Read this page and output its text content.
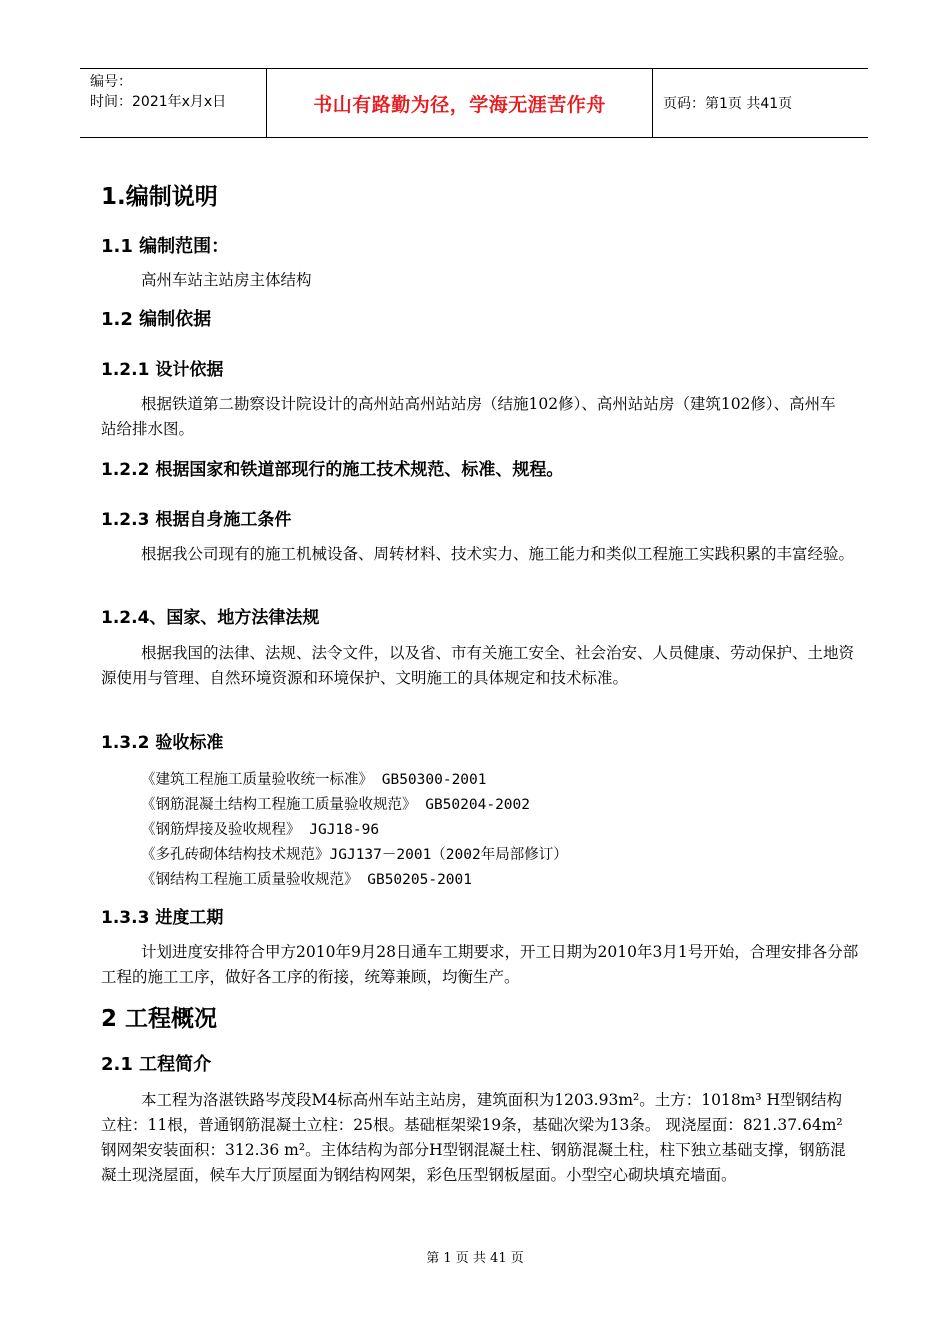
编号：
时间：2021年x月x日	书山有路勤为径，学海无涯苦作舟	页码：第1页 共41页
1.编制说明
1.1 编制范围：
高州车站主站房主体结构
1.2 编制依据
1.2.1 设计依据
根据铁道第二勘察设计院设计的高州站高州站站房（结施102修）、高州站站房（建筑102修）、高州车站给排水图。
1.2.2 根据国家和铁道部现行的施工技术规范、标准、规程。
1.2.3 根据自身施工条件
根据我公司现有的施工机械设备、周转材料、技术实力、施工能力和类似工程施工实践积累的丰富经验。
1.2.4、国家、地方法律法规
根据我国的法律、法规、法令文件，以及省、市有关施工安全、社会治安、人员健康、劳动保护、土地资源使用与管理、自然环境资源和环境保护、文明施工的具体规定和技术标准。
1.3.2 验收标准
《建筑工程施工质量验收统一标准》 GB50300-2001
《钢筋混凝土结构工程施工质量验收规范》 GB50204-2002
《钢筋焊接及验收规程》 JGJ18-96
《多孔砖砌体结构技术规范》JGJ137－2001（2002年局部修订）
《钢结构工程施工质量验收规范》 GB50205-2001
1.3.3 进度工期
计划进度安排符合甲方2010年9月28日通车工期要求，开工日期为2010年3月1号开始，合理安排各分部工程的施工工序，做好各工序的衔接，统筹兼顾，均衡生产。
2 工程概况
2.1 工程简介
本工程为洛湛铁路岑茂段M4标高州车站主站房，建筑面积为1203.93m²。土方：1018m³ H型钢结构立柱：11根，普通钢筋混凝土立柱：25根。基础框架梁19条，基础次梁为13条。 现浇屋面：821.37.64m² 钢网架安装面积：312.36 m²。主体结构为部分H型钢混凝土柱、钢筋混凝土柱，柱下独立基础支撑，钢筋混凝土现浇屋面，候车大厅顶屋面为钢结构网架，彩色压型钢板屋面。小型空心砌块填充墙面。
第 1 页 共 41 页
